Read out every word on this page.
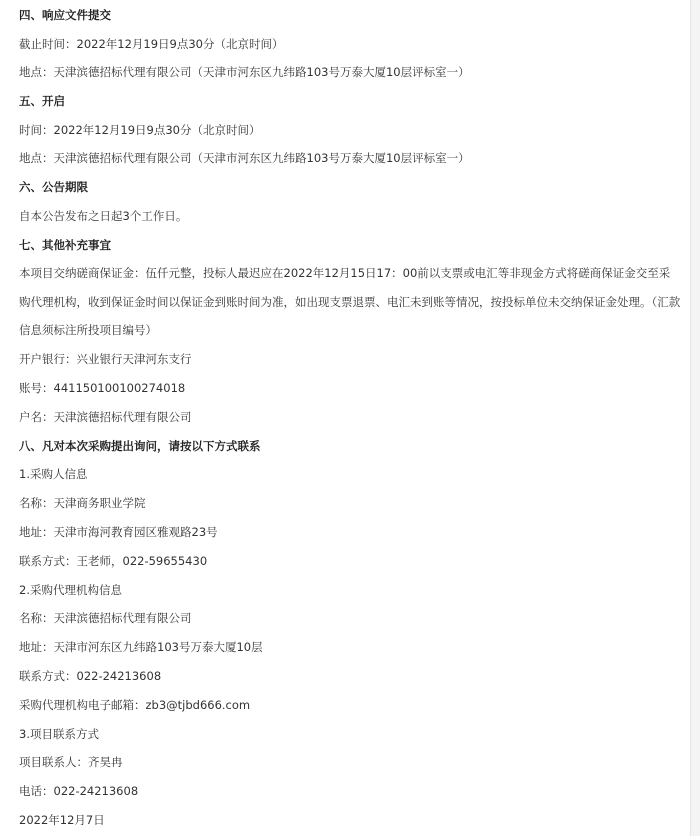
四、响应文件提交
截止时间：2022年12月19日9点30分（北京时间）
地点：天津滨德招标代理有限公司（天津市河东区九纬路103号万泰大厦10层评标室一）
五、开启
时间：2022年12月19日9点30分（北京时间）
地点：天津滨德招标代理有限公司（天津市河东区九纬路103号万泰大厦10层评标室一）
六、公告期限
自本公告发布之日起3个工作日。
七、其他补充事宜
本项目交纳磋商保证金：伍仟元整，投标人最迟应在2022年12月15日17：00前以支票或电汇等非现金方式将磋商保证金交至采购代理机构，收到保证金时间以保证金到账时间为准，如出现支票退票、电汇未到账等情况，按投标单位未交纳保证金处理。（汇款信息须标注所投项目编号）
开户银行：兴业银行天津河东支行
账号：441150100100274018
户名：天津滨德招标代理有限公司
八、凡对本次采购提出询问，请按以下方式联系
1.采购人信息
名称：天津商务职业学院
地址：天津市海河教育园区雅观路23号
联系方式：王老师，022-59655430
2.采购代理机构信息
名称：天津滨德招标代理有限公司
地址：天津市河东区九纬路103号万泰大厦10层
联系方式：022-24213608
采购代理机构电子邮箱：zb3@tjbd666.com
3.项目联系方式
项目联系人：齐昊冉
电话：022-24213608
2022年12月7日
